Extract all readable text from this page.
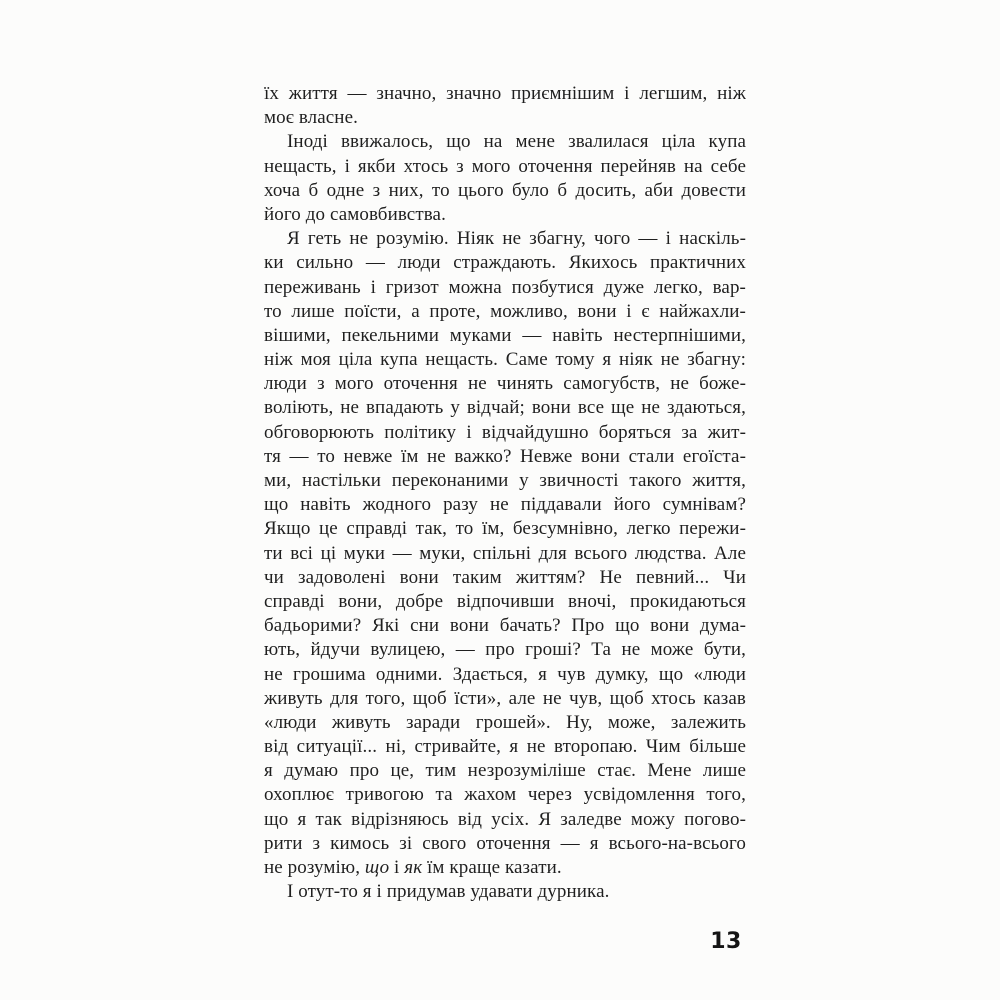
їх життя — значно, значно приємнішим і легшим, ніж
моє власне.
Іноді ввижалось, що на мене звалилася ціла купа
нещасть, і якби хтось з мого оточення перейняв на себе
хоча б одне з них, то цього було б досить, аби довести
його до самовбивства.
Я геть не розумію. Ніяк не збагну, чого — і наскіль-
ки сильно — люди страждають. Якихось практичних
переживань і гризот можна позбутися дуже легко, вар-
то лише поїсти, а проте, можливо, вони і є найжахли-
вішими, пекельними муками — навіть нестерпнішими,
ніж моя ціла купа нещасть. Саме тому я ніяк не збагну:
люди з мого оточення не чинять самогубств, не боже-
воліють, не впадають у відчай; вони все ще не здаються,
обговорюють політику і відчайдушно боряться за жит-
тя — то невже їм не важко? Невже вони стали егоїста-
ми, настільки переконаними у звичності такого життя,
що навіть жодного разу не піддавали його сумнівам?
Якщо це справді так, то їм, безсумнівно, легко пережи-
ти всі ці муки — муки, спільні для всього людства. Але
чи задоволені вони таким життям? Не певний... Чи
справді вони, добре відпочивши вночі, прокидаються
бадьорими? Які сни вони бачать? Про що вони дума-
ють, йдучи вулицею, — про гроші? Та не може бути,
не грошима одними. Здається, я чув думку, що «люди
живуть для того, щоб їсти», але не чув, щоб хтось казав
«люди живуть заради грошей». Ну, може, залежить
від ситуації... ні, стривайте, я не второпаю. Чим більше
я думаю про це, тим незрозуміліше стає. Мене лише
охоплює тривогою та жахом через усвідомлення того,
що я так відрізняюсь від усіх. Я заледве можу погово-
рити з кимось зі свого оточення — я всього-на-всього
не розумію, що і як їм краще казати.
І отут-то я і придумав удавати дурника.
13
